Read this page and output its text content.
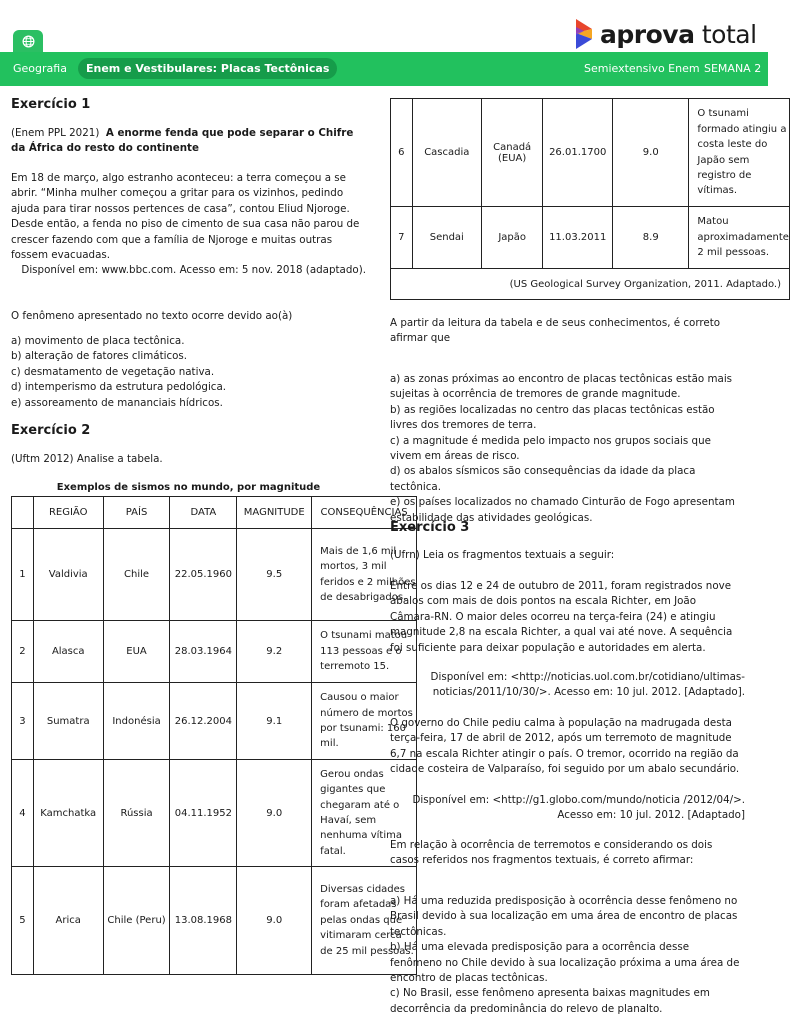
aprova total
Geografia	Enem e Vestibulares: Placas Tectônicas	Semiextensivo Enem SEMANA 2
Exercício 1
(Enem PPL 2021) A enorme fenda que pode separar o Chifre da África do resto do continente
Em 18 de março, algo estranho aconteceu: a terra começou a se abrir. “Minha mulher começou a gritar para os vizinhos, pedindo ajuda para tirar nossos pertences de casa”, contou Eliud Njoroge. Desde então, a fenda no piso de cimento de sua casa não parou de crescer fazendo com que a família de Njoroge e muitas outras fossem evacuadas.
Disponível em: www.bbc.com. Acesso em: 5 nov. 2018 (adaptado).
O fenômeno apresentado no texto ocorre devido ao(à)
a) movimento de placa tectônica.
b) alteração de fatores climáticos.
c) desmatamento de vegetação nativa.
d) intemperismo da estrutura pedológica.
e) assoreamento de mananciais hídricos.
Exercício 2
(Uftm 2012) Analise a tabela.
Exemplos de sismos no mundo, por magnitude
	REGIÃO	PAÍS	DATA	MAGNITUDE	CONSEQUÊNCIAS
1	Valdivia	Chile	22.05.1960	9.5	Mais de 1,6 mil mortos, 3 mil feridos e 2 milhões de desabrigados.
2	Alasca	EUA	28.03.1964	9.2	O tsunami matou 113 pessoas e o terremoto 15.
3	Sumatra	Indonésia	26.12.2004	9.1	Causou o maior número de mortos por tsunami: 160 mil.
4	Kamchatka	Rússia	04.11.1952	9.0	Gerou ondas gigantes que chegaram até o Havaí, sem nenhuma vítima fatal.
5	Arica	Chile (Peru)	13.08.1968	9.0	Diversas cidades foram afetadas pelas ondas que vitimaram cerca de 25 mil pessoas.
6	Cascadia	Canadá (EUA)	26.01.1700	9.0	O tsunami formado atingiu a costa leste do Japão sem registro de vítimas.
7	Sendai	Japão	11.03.2011	8.9	Matou aproximadamente 2 mil pessoas.
(US Geological Survey Organization, 2011. Adaptado.)					
A partir da leitura da tabela e de seus conhecimentos, é correto afirmar que
a) as zonas próximas ao encontro de placas tectônicas estão mais sujeitas à ocorrência de tremores de grande magnitude.
b) as regiões localizadas no centro das placas tectônicas estão livres dos tremores de terra.
c) a magnitude é medida pelo impacto nos grupos sociais que vivem em áreas de risco.
d) os abalos sísmicos são consequências da idade da placa tectônica.
e) os países localizados no chamado Cinturão de Fogo apresentam estabilidade das atividades geológicas.
Exercício 3
(Ufrn) Leia os fragmentos textuais a seguir:
Entre os dias 12 e 24 de outubro de 2011, foram registrados nove abalos com mais de dois pontos na escala Richter, em João Câmara-RN. O maior deles ocorreu na terça-feira (24) e atingiu magnitude 2,8 na escala Richter, a qual vai até nove. A sequência foi suficiente para deixar população e autoridades em alerta.
Disponível em: <http://noticias.uol.com.br/cotidiano/ultimas-noticias/2011/10/30/>. Acesso em: 10 jul. 2012. [Adaptado].
O governo do Chile pediu calma à população na madrugada desta terça-feira, 17 de abril de 2012, após um terremoto de magnitude 6,7 na escala Richter atingir o país. O tremor, ocorrido na região da cidade costeira de Valparaíso, foi seguido por um abalo secundário.
Disponível em: <http://g1.globo.com/mundo/noticia /2012/04/>. Acesso em: 10 jul. 2012. [Adaptado]
Em relação à ocorrência de terremotos e considerando os dois casos referidos nos fragmentos textuais, é correto afirmar:
a) Há uma reduzida predisposição à ocorrência desse fenômeno no Brasil devido à sua localização em uma área de encontro de placas tectônicas.
b) Há uma elevada predisposição para a ocorrência desse fenômeno no Chile devido à sua localização próxima a uma área de encontro de placas tectônicas.
c) No Brasil, esse fenômeno apresenta baixas magnitudes em decorrência da predominância do relevo de planalto.
